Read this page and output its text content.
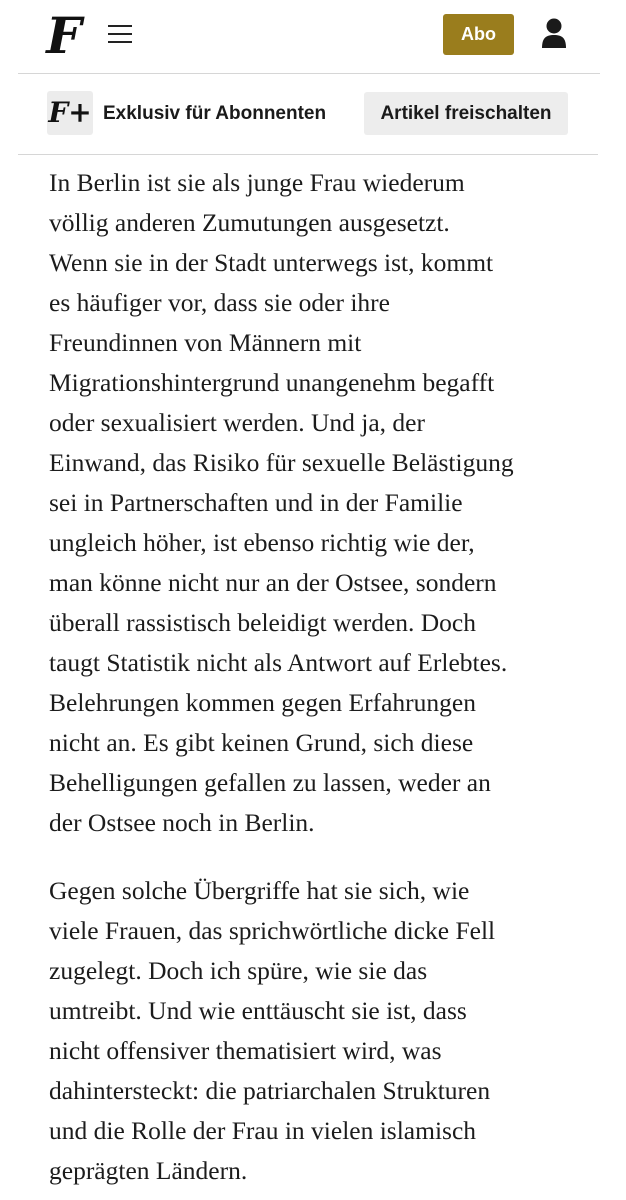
F	Abo
F+ Exklusiv für Abonnenten	Artikel freischalten

In Berlin ist sie als junge Frau wiederum
völlig anderen Zumutungen ausgesetzt.
Wenn sie in der Stadt unterwegs ist, kommt
es häufiger vor, dass sie oder ihre
Freundinnen von Männern mit
Migrationshintergrund unangenehm begafft
oder sexualisiert werden. Und ja, der
Einwand, das Risiko für sexuelle Belästigung
sei in Partnerschaften und in der Familie
ungleich höher, ist ebenso richtig wie der,
man könne nicht nur an der Ostsee, sondern
überall rassistisch beleidigt werden. Doch
taugt Statistik nicht als Antwort auf Erlebtes.
Belehrungen kommen gegen Erfahrungen
nicht an. Es gibt keinen Grund, sich diese
Behelligungen gefallen zu lassen, weder an
der Ostsee noch in Berlin.

Gegen solche Übergriffe hat sie sich, wie
viele Frauen, das sprichwörtliche dicke Fell
zugelegt. Doch ich spüre, wie sie das
umtreibt. Und wie enttäuscht sie ist, dass
nicht offensiver thematisiert wird, was
dahintersteckt: die patriarchalen Strukturen
und die Rolle der Frau in vielen islamisch
geprägten Ländern.
